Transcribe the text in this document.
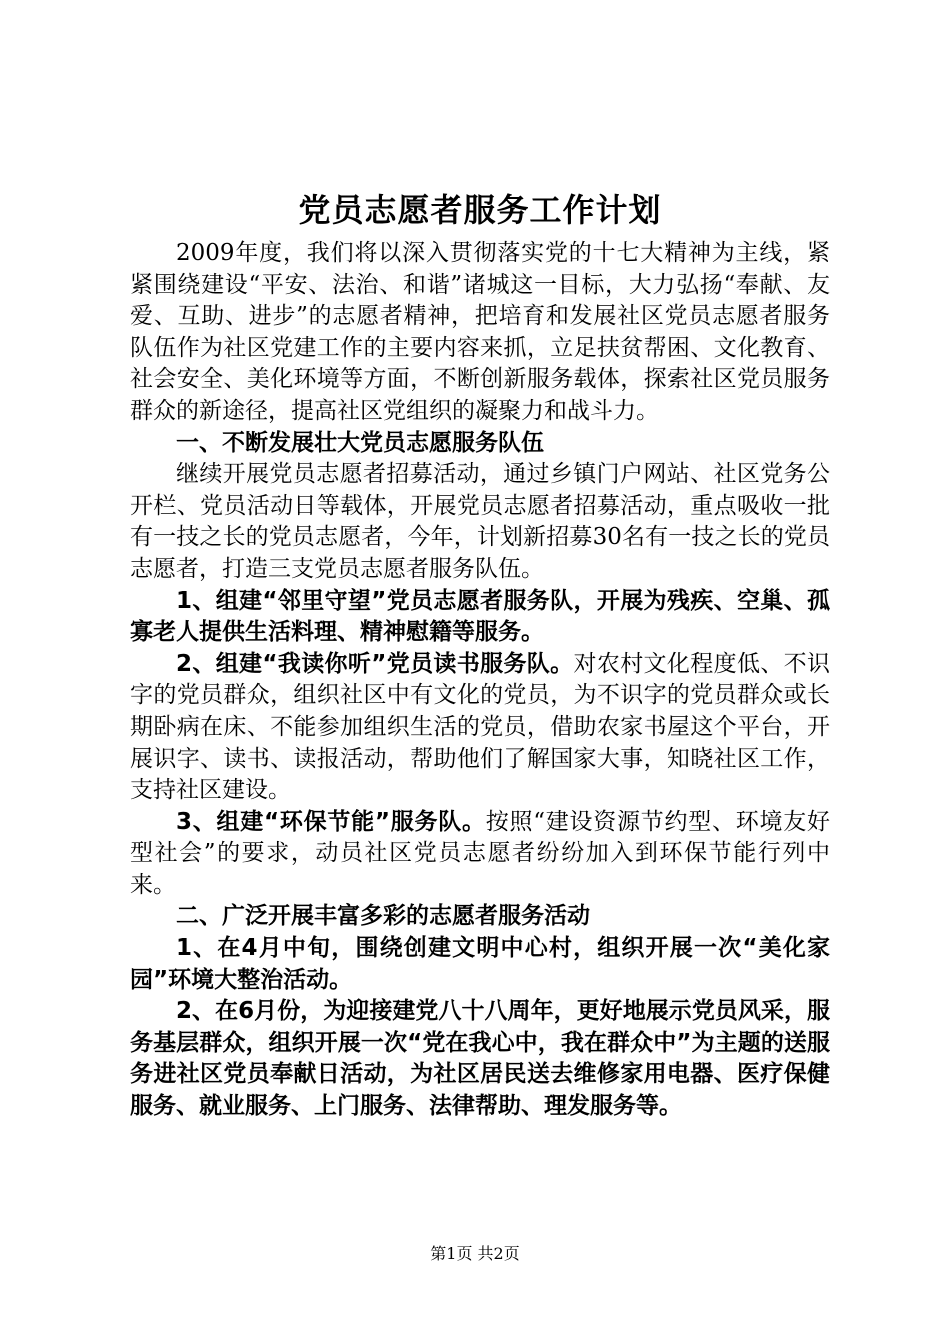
党员志愿者服务工作计划

2009年度，我们将以深入贯彻落实党的十七大精神为主线，紧紧围绕建设“平安、法治、和谐”诸城这一目标，大力弘扬“奉献、友爱、互助、进步”的志愿者精神，把培育和发展社区党员志愿者服务队伍作为社区党建工作的主要内容来抓，立足扶贫帮困、文化教育、社会安全、美化环境等方面，不断创新服务载体，探索社区党员服务群众的新途径，提高社区党组织的凝聚力和战斗力。

一、不断发展壮大党员志愿服务队伍

继续开展党员志愿者招募活动，通过乡镇门户网站、社区党务公开栏、党员活动日等载体，开展党员志愿者招募活动，重点吸收一批有一技之长的党员志愿者，今年，计划新招募30名有一技之长的党员志愿者，打造三支党员志愿者服务队伍。

1、组建“邻里守望”党员志愿者服务队，开展为残疾、空巢、孤寡老人提供生活料理、精神慰籍等服务。

2、组建“我读你听”党员读书服务队。对农村文化程度低、不识字的党员群众，组织社区中有文化的党员，为不识字的党员群众或长期卧病在床、不能参加组织生活的党员，借助农家书屋这个平台，开展识字、读书、读报活动，帮助他们了解国家大事，知晓社区工作，支持社区建设。

3、组建“环保节能”服务队。按照“建设资源节约型、环境友好型社会”的要求，动员社区党员志愿者纷纷加入到环保节能行列中来。

二、广泛开展丰富多彩的志愿者服务活动

1、在4月中旬，围绕创建文明中心村，组织开展一次“美化家园”环境大整治活动。

2、在6月份，为迎接建党八十八周年，更好地展示党员风采，服务基层群众，组织开展一次“党在我心中，我在群众中”为主题的送服务进社区党员奉献日活动，为社区居民送去维修家用电器、医疗保健服务、就业服务、上门服务、法律帮助、理发服务等。

第1页 共2页
